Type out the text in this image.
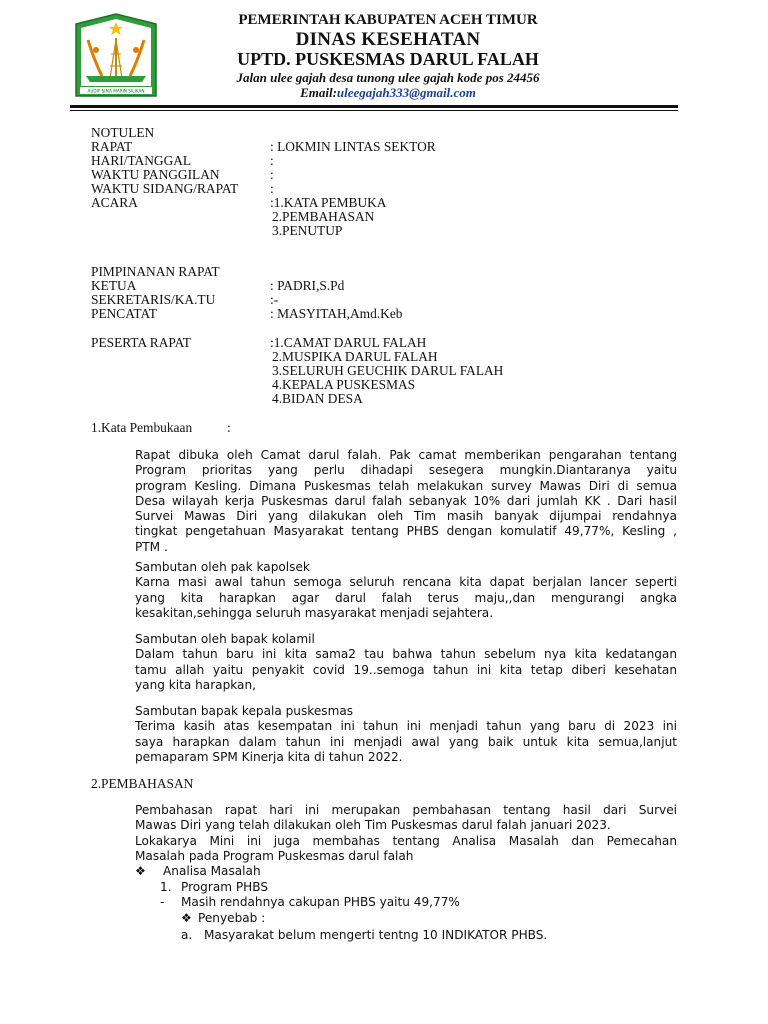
AUDIF SIMA MARIN SILIKAN
PEMERINTAH KABUPATEN ACEH TIMUR
DINAS KESEHATAN
UPTD. PUSKESMAS DARUL FALAH
Jalan ulee gajah desa tunong ulee gajah kode pos 24456
Email:uleegajah333@gmail.com
NOTULEN
RAPAT	: LOKMIN LINTAS SEKTOR
HARI/TANGGAL	:
WAKTU PANGGILAN	:
WAKTU SIDANG/RAPAT :
ACARA	:1.KATA PEMBUKA
2.PEMBAHASAN
3.PENUTUP
PIMPINANAN RAPAT
KETUA	: PADRI,S.Pd
SEKRETARIS/KA.TU	:-
PENCATAT	: MASYITAH,Amd.Keb
PESERTA RAPAT	:1.CAMAT DARUL FALAH
2.MUSPIKA DARUL FALAH
3.SELURUH GEUCHIK DARUL FALAH
4.KEPALA PUSKESMAS
4.BIDAN DESA
1.Kata Pembukaan	:

Rapat dibuka oleh Camat darul falah. Pak camat memberikan pengarahan tentang

Program prioritas yang perlu dihadapi sesegera mungkin.Diantaranya yaitu

program Kesling. Dimana Puskesmas telah melakukan survey Mawas Diri di semua

Desa wilayah kerja Puskesmas darul falah sebanyak 10% dari jumlah KK . Dari hasil

Survei Mawas Diri yang dilakukan oleh Tim masih banyak dijumpai rendahnya

tingkat pengetahuan Masyarakat tentang PHBS dengan komulatif 49,77%, Kesling ,

PTM .

Sambutan oleh pak kapolsek

Karna masi awal tahun semoga seluruh rencana kita dapat berjalan lancer seperti

yang kita harapkan agar darul falah terus maju,,dan mengurangi angka

kesakitan,sehingga seluruh masyarakat menjadi sejahtera.

Sambutan oleh bapak kolamil

Dalam tahun baru ini kita sama2 tau bahwa tahun sebelum nya kita kedatangan

tamu allah yaitu penyakit covid 19..semoga tahun ini kita tetap diberi kesehatan

yang kita harapkan,

Sambutan bapak kepala puskesmas

Terima kasih atas kesempatan ini tahun ini menjadi tahun yang baru di 2023 ini

saya harapkan dalam tahun ini menjadi awal yang baik untuk kita semua,lanjut

pemaparam SPM Kinerja kita di tahun 2022.

2.PEMBAHASAN

Pembahasan rapat hari ini merupakan pembahasan tentang hasil dari Survei

Mawas Diri yang telah dilakukan oleh Tim Puskesmas darul falah januari 2023.

Lokakarya Mini ini juga membahas tentang Analisa Masalah dan Pemecahan

Masalah pada Program Puskesmas darul falah

❖ Analisa Masalah
1. Program PHBS
- Masih rendahnya cakupan PHBS yaitu 49,77%
❖ Penyebab :
a. Masyarakat belum mengerti tentng 10 INDIKATOR PHBS.
